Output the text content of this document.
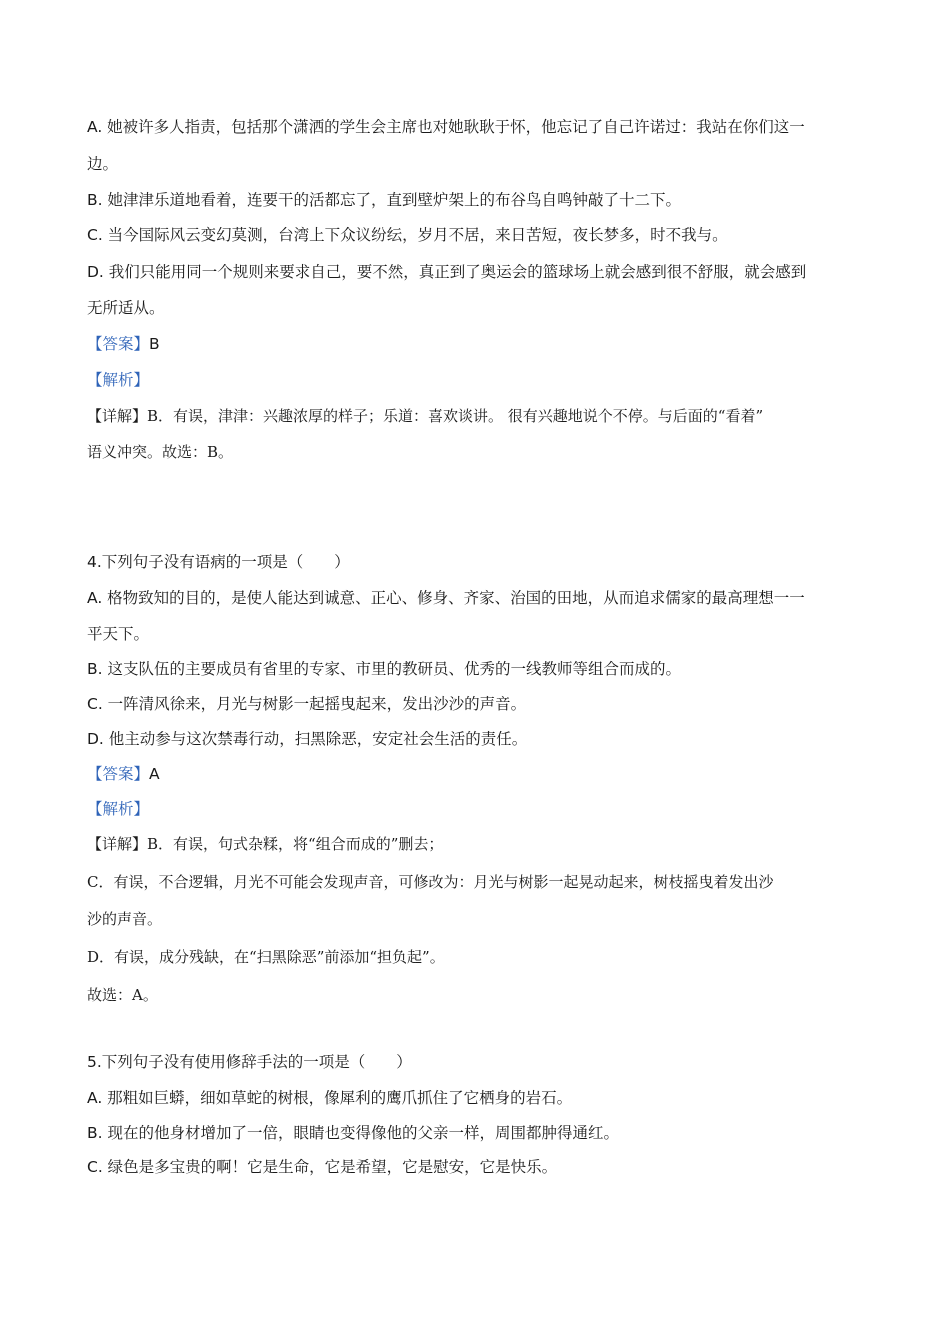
A. 她被许多人指责，包括那个潇洒的学生会主席也对她耿耿于怀，他忘记了自己许诺过：我站在你们这一
边。
B. 她津津乐道地看着，连要干的活都忘了，直到壁炉架上的布谷鸟自鸣钟敲了十二下。
C. 当今国际风云变幻莫测，台湾上下众议纷纭，岁月不居，来日苦短，夜长梦多，时不我与。
D. 我们只能用同一个规则来要求自己，要不然，真正到了奥运会的篮球场上就会感到很不舒服，就会感到
无所适从。
【答案】B
【解析】
【详解】B．有误，津津：兴趣浓厚的样子；乐道：喜欢谈讲。 很有兴趣地说个不停。与后面的“看着”
语义冲突。故选：B。
4.下列句子没有语病的一项是（　　）
A. 格物致知的目的，是使人能达到诚意、正心、修身、齐家、治国的田地，从而追求儒家的最高理想一一
平天下。
B. 这支队伍的主要成员有省里的专家、市里的教研员、优秀的一线教师等组合而成的。
C. 一阵清风徐来，月光与树影一起摇曳起来，发出沙沙的声音。
D. 他主动参与这次禁毒行动，扫黑除恶，安定社会生活的责任。
【答案】A
【解析】
【详解】B．有误，句式杂糅，将“组合而成的”删去；
C．有误，不合逻辑，月光不可能会发现声音，可修改为：月光与树影一起晃动起来，树枝摇曳着发出沙
沙的声音。
D．有误，成分残缺，在“扫黑除恶”前添加“担负起”。
故选：A。
5.下列句子没有使用修辞手法的一项是（　　）
A. 那粗如巨蟒，细如草蛇的树根，像犀利的鹰爪抓住了它栖身的岩石。
B. 现在的他身材增加了一倍，眼睛也变得像他的父亲一样，周围都肿得通红。
C. 绿色是多宝贵的啊！它是生命，它是希望，它是慰安，它是快乐。
